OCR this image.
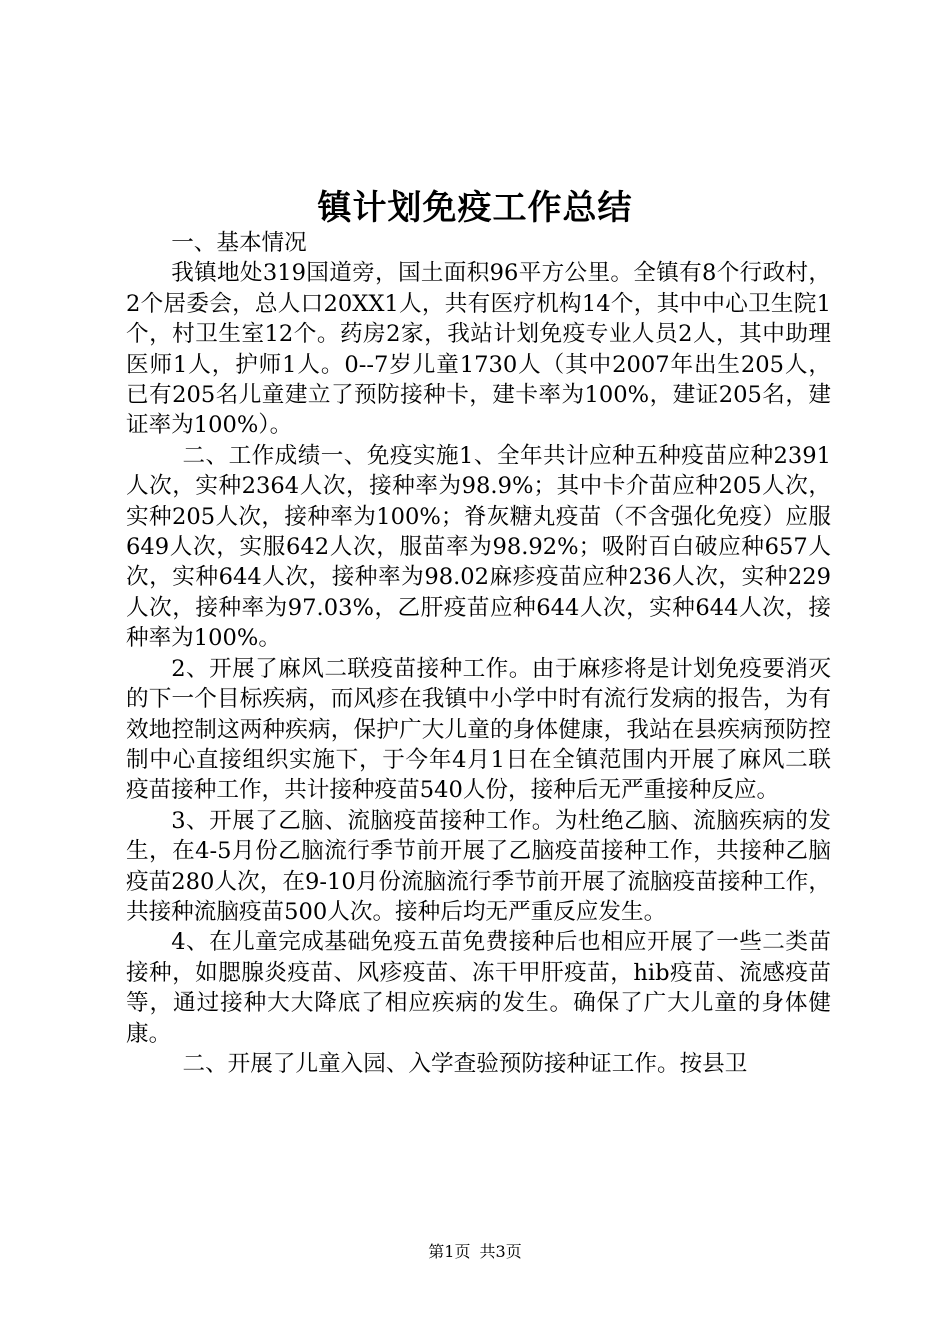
镇计划免疫工作总结

一、基本情况

我镇地处319国道旁，国土面积96平方公里。全镇有8个行政村，2个居委会，总人口20XX1人，共有医疗机构14个，其中中心卫生院1个，村卫生室12个。药房2家，我站计划免疫专业人员2人，其中助理医师1人，护师1人。0--7岁儿童1730人（其中2007年出生205人，已有205名儿童建立了预防接种卡，建卡率为100%，建证205名，建证率为100%）。

二、工作成绩一、免疫实施1、全年共计应种五种疫苗应种2391人次，实种2364人次，接种率为98.9%；其中卡介苗应种205人次，实种205人次，接种率为100%；脊灰糖丸疫苗（不含强化免疫）应服649人次，实服642人次，服苗率为98.92%；吸附百白破应种657人次，实种644人次，接种率为98.02麻疹疫苗应种236人次，实种229人次，接种率为97.03%，乙肝疫苗应种644人次，实种644人次，接种率为100%。

2、开展了麻风二联疫苗接种工作。由于麻疹将是计划免疫要消灭的下一个目标疾病，而风疹在我镇中小学中时有流行发病的报告，为有效地控制这两种疾病，保护广大儿童的身体健康，我站在县疾病预防控制中心直接组织实施下，于今年4月1日在全镇范围内开展了麻风二联疫苗接种工作，共计接种疫苗540人份，接种后无严重接种反应。

3、开展了乙脑、流脑疫苗接种工作。为杜绝乙脑、流脑疾病的发生，在4-5月份乙脑流行季节前开展了乙脑疫苗接种工作，共接种乙脑疫苗280人次，在9-10月份流脑流行季节前开展了流脑疫苗接种工作，共接种流脑疫苗500人次。接种后均无严重反应发生。

4、在儿童完成基础免疫五苗免费接种后也相应开展了一些二类苗接种，如腮腺炎疫苗、风疹疫苗、冻干甲肝疫苗，hib疫苗、流感疫苗等，通过接种大大降底了相应疾病的发生。确保了广大儿童的身体健康。

二、开展了儿童入园、入学查验预防接种证工作。按县卫

第1页 共3页
